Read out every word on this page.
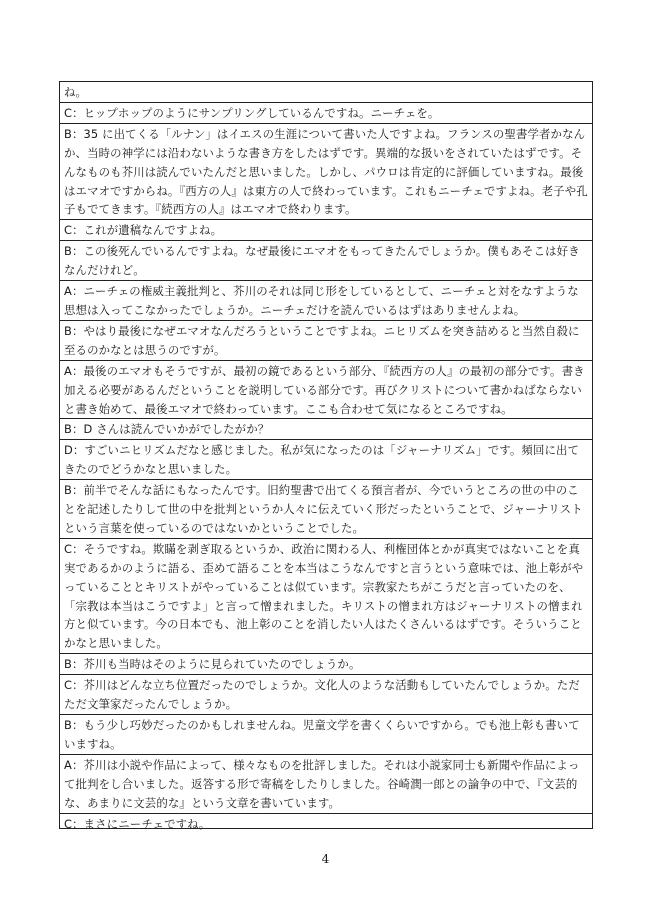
ね。
C：ヒップホップのようにサンプリングしているんですね。ニーチェを。
B：35 に出てくる「ルナン」はイエスの生涯について書いた人ですよね。フランスの聖書学者かなんか、当時の神学には沿わないような書き方をしたはずです。異端的な扱いをされていたはずです。そんなものも芥川は読んでいたんだと思いました。しかし、パウロは肯定的に評価していますね。最後はエマオですからね。『西方の人』は東方の人で終わっています。これもニーチェですよね。老子や孔子もでてきます。『続西方の人』はエマオで終わります。
C：これが遺稿なんですよね。
B：この後死んでいるんですよね。なぜ最後にエマオをもってきたんでしょうか。僕もあそこは好きなんだけれど。
A：ニーチェの権威主義批判と、芥川のそれは同じ形をしているとして、ニーチェと対をなすような思想は入ってこなかったでしょうか。ニーチェだけを読んでいるはずはありませんよね。
B：やはり最後になぜエマオなんだろうということですよね。ニヒリズムを突き詰めると当然自殺に至るのかなとは思うのですが。
A：最後のエマオもそうですが、最初の鏡であるという部分、『続西方の人』の最初の部分です。書き加える必要があるんだということを説明している部分です。再びクリストについて書かねばならないと書き始めて、最後エマオで終わっています。ここも合わせて気になるところですね。
B：D さんは読んでいかがでしたがか？
D：すごいニヒリズムだなと感じました。私が気になったのは「ジャーナリズム」です。頻回に出てきたのでどうかなと思いました。
B：前半でそんな話にもなったんです。旧約聖書で出てくる預言者が、今でいうところの世の中のことを記述したりして世の中を批判というか人々に伝えていく形だったということで、ジャーナリストという言葉を使っているのではないかということでした。
C：そうですね。欺瞞を剥ぎ取るというか、政治に関わる人、利権団体とかが真実ではないことを真実であるかのように語る、歪めて語ることを本当はこうなんですと言うという意味では、池上彰がやっていることとキリストがやっていることは似ています。宗教家たちがこうだと言っていたのを、「宗教は本当はこうですよ」と言って憎まれました。キリストの憎まれ方はジャーナリストの憎まれ方と似ています。今の日本でも、池上彰のことを消したい人はたくさんいるはずです。そういうことかなと思いました。
B：芥川も当時はそのように見られていたのでしょうか。
C：芥川はどんな立ち位置だったのでしょうか。文化人のような活動もしていたんでしょうか。ただただ文筆家だったんでしょうか。
B：もう少し巧妙だったのかもしれませんね。児童文学を書くくらいですから。でも池上彰も書いていますね。
A：芥川は小説や作品によって、様々なものを批評しました。それは小説家同士も新聞や作品によって批判をし合いました。返答する形で寄稿をしたりしました。谷崎潤一郎との論争の中で、『文芸的な、あまりに文芸的な』という文章を書いています。
C：まさにニーチェですね。
4
